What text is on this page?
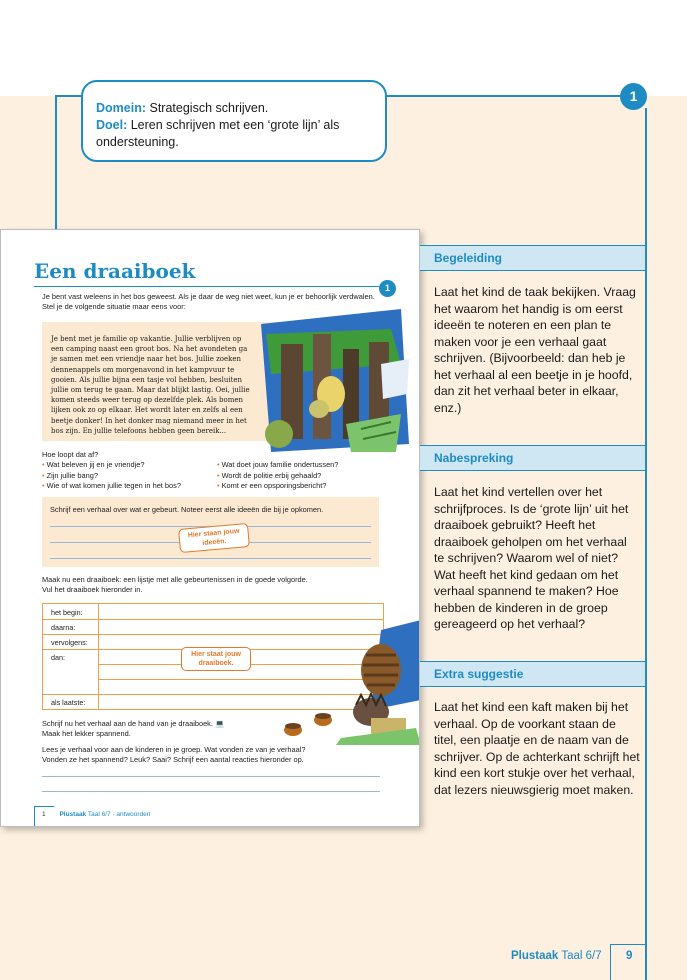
Domein: Strategisch schrijven.
Doel: Leren schrijven met een ‘grote lijn’ als ondersteuning.
1
Een draaiboek
1
Je bent vast weleens in het bos geweest. Als je daar de weg niet weet, kun je er behoorlijk verdwalen. Stel je de volgende situatie maar eens voor:
Je bent met je familie op vakantie. Jullie verblijven op een camping naast een groot bos. Na het avondeten ga je samen met een vriendje naar het bos. Jullie zoeken dennenappels om morgenavond in het kampvuur te gooien. Als jullie bijna een tasje vol hebben, besluiten jullie om terug te gaan. Maar dat blijkt lastig. Oei, jullie komen steeds weer terug op dezelfde plek. Als bomen lijken ook zo op elkaar. Het wordt later en zelfs al een beetje donker! In het donker mag niemand meer in het bos zijn. En jullie telefoons hebben geen bereik...
Hoe loopt dat af?
• Wat beleven jij en je vriendje?
• Zijn jullie bang?
• Wie of wat komen jullie tegen in het bos?
• Wat doet jouw familie ondertussen?
• Wordt de politie erbij gehaald?
• Komt er een opsporingsbericht?
Schrijf een verhaal over wat er gebeurt. Noteer eerst alle ideeën die bij je opkomen.
Hier staan jouw ideeën.
Maak nu een draaiboek: een lijstje met alle gebeurtenissen in de goede volgorde.
Vul het draaiboek hieronder in.
het begin:
daarna:
vervolgens:
dan:
als laatste:
Hier staat jouw draaiboek.
Schrijf nu het verhaal aan de hand van je draaiboek. 💻
Maak het lekker spannend.
Lees je verhaal voor aan de kinderen in je groep. Wat vonden ze van je verhaal?
Vonden ze het spannend? Leuk? Saai? Schrijf een aantal reacties hieronder op.
1 Plustaak Taal 6/7 · antwoorden
Begeleiding
Laat het kind de taak bekijken. Vraag het waarom het handig is om eerst ideeën te noteren en een plan te maken voor je een verhaal gaat schrijven. (Bijvoorbeeld: dan heb je het verhaal al een beetje in je hoofd, dan zit het verhaal beter in elkaar, enz.)
Nabespreking
Laat het kind vertellen over het schrijfproces. Is de ‘grote lijn’ uit het draaiboek gebruikt? Heeft het draaiboek geholpen om het verhaal te schrijven? Waarom wel of niet? Wat heeft het kind gedaan om het verhaal spannend te maken? Hoe hebben de kinderen in de groep gereageerd op het verhaal?
Extra suggestie
Laat het kind een kaft maken bij het verhaal. Op de voorkant staan de titel, een plaatje en de naam van de schrijver. Op de achterkant schrijft het kind een kort stukje over het verhaal, dat lezers nieuwsgierig moet maken.
Plustaak Taal 6/7 9
